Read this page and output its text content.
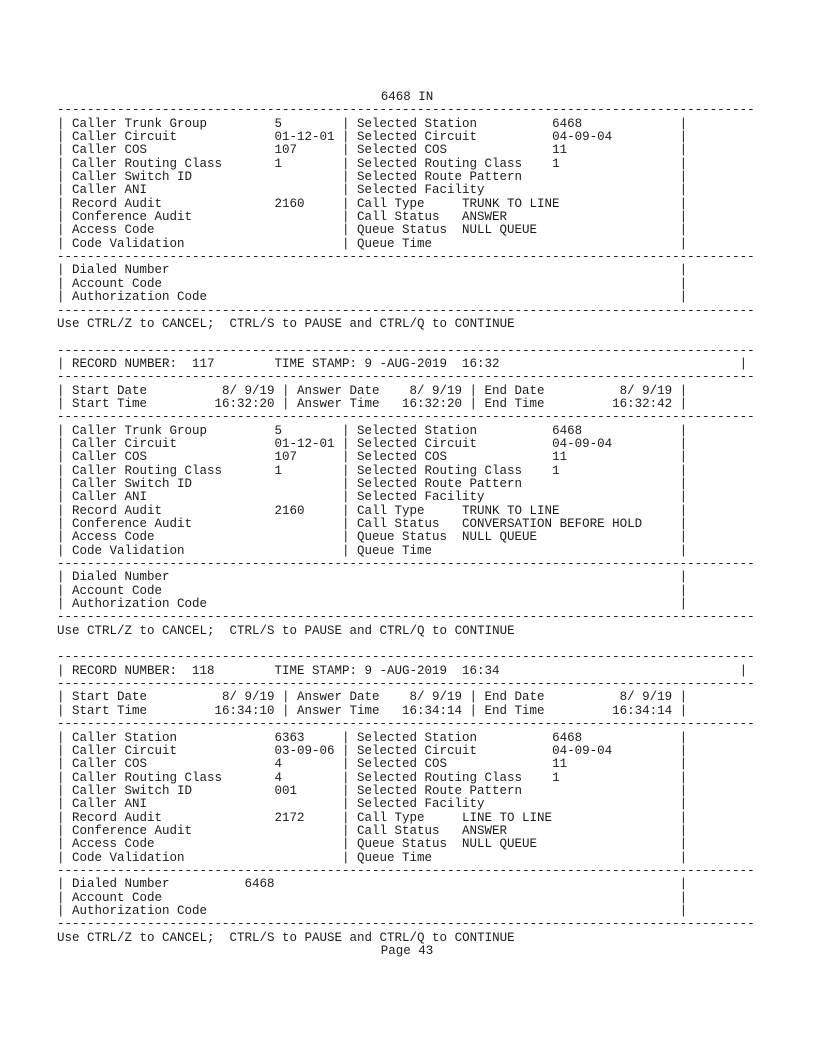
6468 IN
---------------------------------------------------------------------------------------------
| Caller Trunk Group	5	| Selected Station	6468	|
| Caller Circuit	01-12-01 | Selected Circuit	04-09-04	|
| Caller COS	107	| Selected COS	11	|
| Caller Routing Class	1	| Selected Routing Class 1	|
| Caller Switch ID	| Selected Route Pattern	|
| Caller ANI	| Selected Facility	|
| Record Audit	2160	| Call Type	TRUNK TO LINE	|
| Conference Audit	| Call Status ANSWER	|
| Access Code	| Queue Status NULL QUEUE	|
| Code Validation	| Queue Time	|
---------------------------------------------------------------------------------------------
| Dialed Number	|
| Account Code	|
| Authorization Code	|
---------------------------------------------------------------------------------------------
Use CTRL/Z to CANCEL;  CTRL/S to PAUSE and CTRL/Q to CONTINUE

---------------------------------------------------------------------------------------------
| RECORD NUMBER: 117	TIME STAMP: 9 -AUG-2019  16:32	|
---------------------------------------------------------------------------------------------
| Start Date	8/ 9/19 | Answer Date 8/ 9/19 | End Date	8/ 9/19 |
| Start Time	16:32:20 | Answer Time 16:32:20 | End Time	16:32:42 |
---------------------------------------------------------------------------------------------
| Caller Trunk Group	5	| Selected Station	6468	|
| Caller Circuit	01-12-01 | Selected Circuit	04-09-04	|
| Caller COS	107	| Selected COS	11	|
| Caller Routing Class	1	| Selected Routing Class 1	|
| Caller Switch ID	| Selected Route Pattern	|
| Caller ANI	| Selected Facility	|
| Record Audit	2160	| Call Type	TRUNK TO LINE	|
| Conference Audit	| Call Status CONVERSATION BEFORE HOLD	|
| Access Code	| Queue Status NULL QUEUE	|
| Code Validation	| Queue Time	|
---------------------------------------------------------------------------------------------
| Dialed Number	|
| Account Code	|
| Authorization Code	|
---------------------------------------------------------------------------------------------
Use CTRL/Z to CANCEL;  CTRL/S to PAUSE and CTRL/Q to CONTINUE

---------------------------------------------------------------------------------------------
| RECORD NUMBER: 118	TIME STAMP: 9 -AUG-2019  16:34	|
---------------------------------------------------------------------------------------------
| Start Date	8/ 9/19 | Answer Date 8/ 9/19 | End Date	8/ 9/19 |
| Start Time	16:34:10 | Answer Time 16:34:14 | End Time	16:34:14 |
---------------------------------------------------------------------------------------------
| Caller Station	6363	| Selected Station	6468	|
| Caller Circuit	03-09-06 | Selected Circuit	04-09-04	|
| Caller COS	4	| Selected COS	11	|
| Caller Routing Class	4	| Selected Routing Class 1	|
| Caller Switch ID	001	| Selected Route Pattern	|
| Caller ANI	| Selected Facility	|
| Record Audit	2172	| Call Type	LINE TO LINE	|
| Conference Audit	| Call Status ANSWER	|
| Access Code	| Queue Status NULL QUEUE	|
| Code Validation	| Queue Time	|
---------------------------------------------------------------------------------------------
| Dialed Number	6468	|
| Account Code	|
| Authorization Code	|
---------------------------------------------------------------------------------------------
Use CTRL/Z to CANCEL;  CTRL/S to PAUSE and CTRL/Q to CONTINUE
Page 43
